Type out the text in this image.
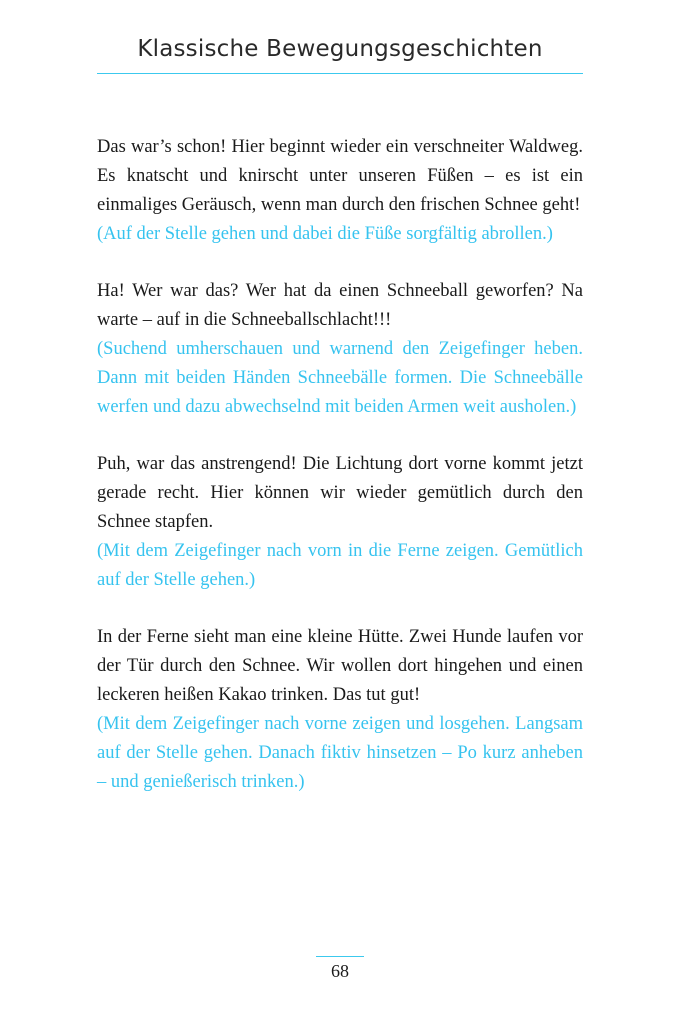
Klassische Bewegungsgeschichten
Das war’s schon! Hier beginnt wieder ein verschneiter Waldweg. Es knatscht und knirscht unter unseren Füßen – es ist ein einmaliges Geräusch, wenn man durch den frischen Schnee geht!
(Auf der Stelle gehen und dabei die Füße sorgfältig abrollen.)
Ha! Wer war das? Wer hat da einen Schneeball geworfen? Na warte – auf in die Schneeballschlacht!!!
(Suchend umherschauen und warnend den Zeigefinger heben. Dann mit beiden Händen Schneebälle formen. Die Schneebälle werfen und dazu abwechselnd mit beiden Armen weit ausholen.)
Puh, war das anstrengend! Die Lichtung dort vorne kommt jetzt gerade recht. Hier können wir wieder gemütlich durch den Schnee stapfen.
(Mit dem Zeigefinger nach vorn in die Ferne zeigen. Gemütlich auf der Stelle gehen.)
In der Ferne sieht man eine kleine Hütte. Zwei Hunde laufen vor der Tür durch den Schnee. Wir wollen dort hingehen und einen leckeren heißen Kakao trinken. Das tut gut!
(Mit dem Zeigefinger nach vorne zeigen und losgehen. Langsam auf der Stelle gehen. Danach fiktiv hinsetzen – Po kurz anheben – und genießerisch trinken.)
68
